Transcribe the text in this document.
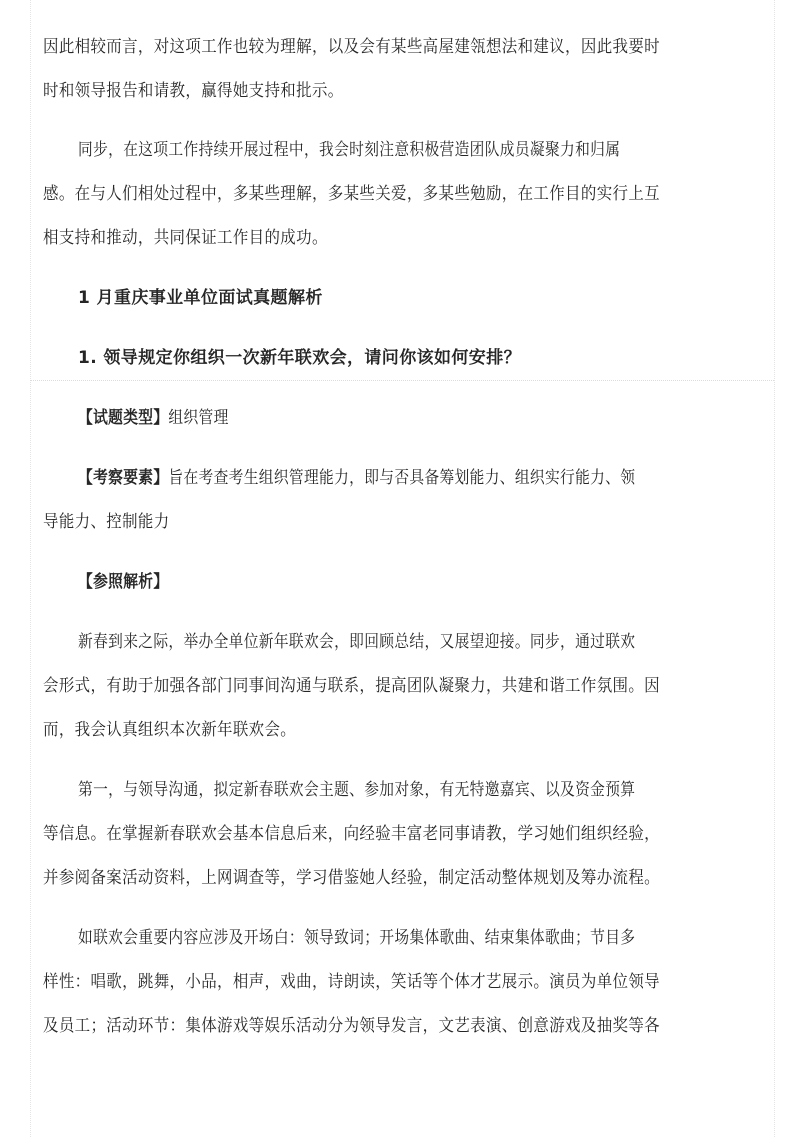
因此相较而言，对这项工作也较为理解，以及会有某些高屋建瓴想法和建议，因此我要时
时和领导报告和请教，赢得她支持和批示。
同步，在这项工作持续开展过程中，我会时刻注意积极营造团队成员凝聚力和归属
感。在与人们相处过程中，多某些理解，多某些关爱，多某些勉励，在工作目的实行上互
相支持和推动，共同保证工作目的成功。
1 月重庆事业单位面试真题解析
1. 领导规定你组织一次新年联欢会，请问你该如何安排？
【试题类型】组织管理
【考察要素】旨在考查考生组织管理能力，即与否具备筹划能力、组织实行能力、领
导能力、控制能力
【参照解析】
新春到来之际，举办全单位新年联欢会，即回顾总结，又展望迎接。同步，通过联欢
会形式，有助于加强各部门同事间沟通与联系，提高团队凝聚力，共建和谐工作氛围。因
而，我会认真组织本次新年联欢会。
第一，与领导沟通，拟定新春联欢会主题、参加对象，有无特邀嘉宾、以及资金预算
等信息。在掌握新春联欢会基本信息后来，向经验丰富老同事请教，学习她们组织经验，
并参阅备案活动资料，上网调查等，学习借鉴她人经验，制定活动整体规划及筹办流程。
如联欢会重要内容应涉及开场白：领导致词；开场集体歌曲、结束集体歌曲；节目多
样性：唱歌，跳舞，小品，相声，戏曲，诗朗读，笑话等个体才艺展示。演员为单位领导
及员工；活动环节：集体游戏等娱乐活动分为领导发言，文艺表演、创意游戏及抽奖等各
